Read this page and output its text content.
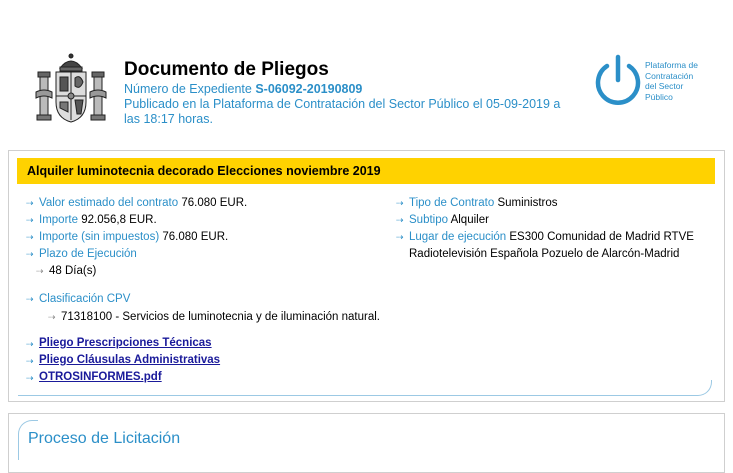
Documento de Pliegos
Número de Expediente S-06092-20190809
Publicado en la Plataforma de Contratación del Sector Público el 05-09-2019 a
las 18:17 horas.
Plataforma de
Contratación
del Sector
Público
Alquiler luminotecnia decorado Elecciones noviembre 2019
⇢ Valor estimado del contrato 76.080 EUR.
⇢ Importe 92.056,8 EUR.
⇢ Importe (sin impuestos) 76.080 EUR.
⇢ Plazo de Ejecución
⇢ 48 Día(s)
⇢ Clasificación CPV
⇢ 71318100 - Servicios de luminotecnia y de iluminación natural.
⇢ Tipo de Contrato Suministros
⇢ Subtipo Alquiler
⇢ Lugar de ejecución ES300 Comunidad de Madrid RTVE
Radiotelevisión Española Pozuelo de Alarcón-Madrid
⇢ Pliego Prescripciones Técnicas
⇢ Pliego Cláusulas Administrativas
⇢ OTROSINFORMES.pdf
Proceso de Licitación
